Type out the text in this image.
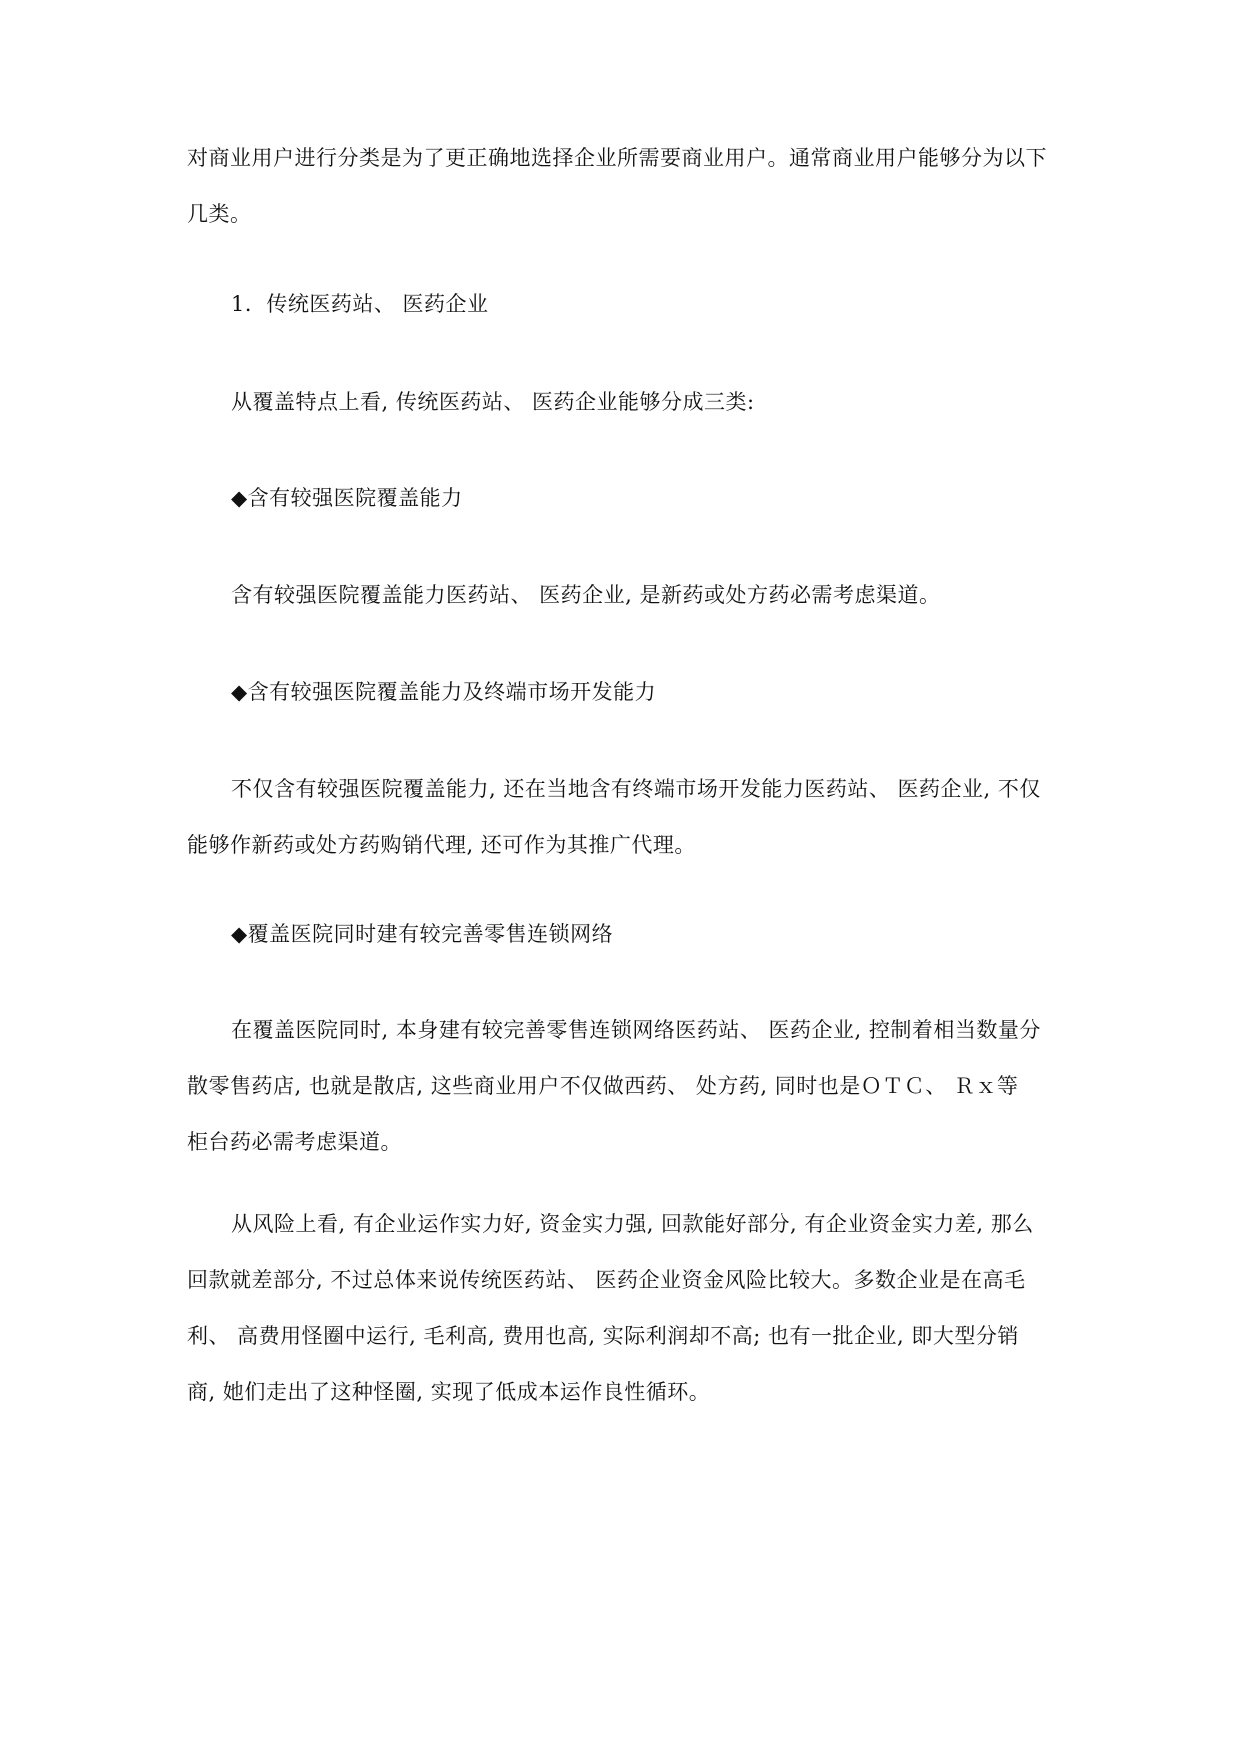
对商业用户进行分类是为了更正确地选择企业所需要商业用户。通常商业用户能够分为以下
几类。
1．传统医药站、 医药企业
从覆盖特点上看, 传统医药站、 医药企业能够分成三类:
◆含有较强医院覆盖能力
含有较强医院覆盖能力医药站、 医药企业, 是新药或处方药必需考虑渠道。
◆含有较强医院覆盖能力及终端市场开发能力
不仅含有较强医院覆盖能力, 还在当地含有终端市场开发能力医药站、 医药企业, 不仅
能够作新药或处方药购销代理, 还可作为其推广代理。
◆覆盖医院同时建有较完善零售连锁网络
在覆盖医院同时, 本身建有较完善零售连锁网络医药站、 医药企业, 控制着相当数量分
散零售药店, 也就是散店, 这些商业用户不仅做西药、 处方药, 同时也是ＯＴＣ、 Ｒｘ等
柜台药必需考虑渠道。
从风险上看, 有企业运作实力好, 资金实力强, 回款能好部分, 有企业资金实力差, 那么
回款就差部分, 不过总体来说传统医药站、 医药企业资金风险比较大。多数企业是在高毛
利、 高费用怪圈中运行, 毛利高, 费用也高, 实际利润却不高; 也有一批企业, 即大型分销
商, 她们走出了这种怪圈, 实现了低成本运作良性循环。
